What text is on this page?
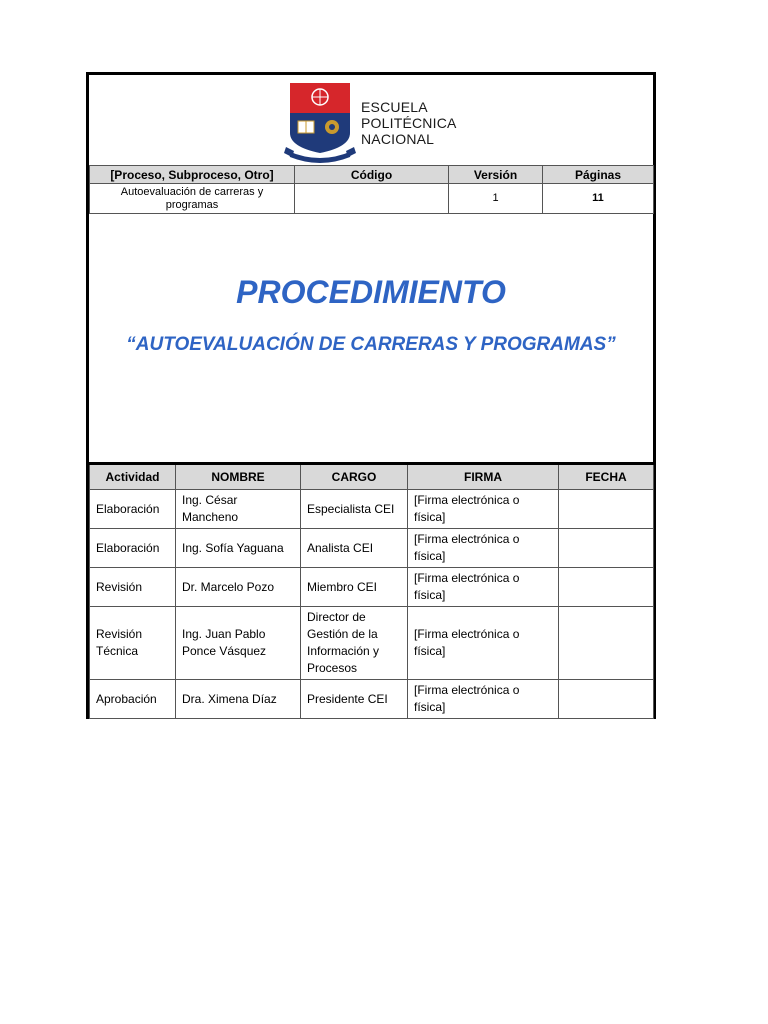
ESCUELA
POLITÉCNICA
NACIONAL
[Proceso, Subproceso, Otro]	Código	Versión	Páginas
Autoevaluación de carreras y programas		1	11
PROCEDIMIENTO
“AUTOEVALUACIÓN DE CARRERAS Y PROGRAMAS”
Actividad	NOMBRE	CARGO	FIRMA	FECHA
Elaboración	Ing. César Mancheno	Especialista CEI	[Firma electrónica o física]	
Elaboración	Ing. Sofía Yaguana	Analista CEI	[Firma electrónica o física]	
Revisión	Dr. Marcelo Pozo	Miembro CEI	[Firma electrónica o física]	
Revisión Técnica	Ing. Juan Pablo Ponce Vásquez	Director de Gestión de la Información y Procesos	[Firma electrónica o física]	
Aprobación	Dra. Ximena Díaz	Presidente CEI	[Firma electrónica o física]	
